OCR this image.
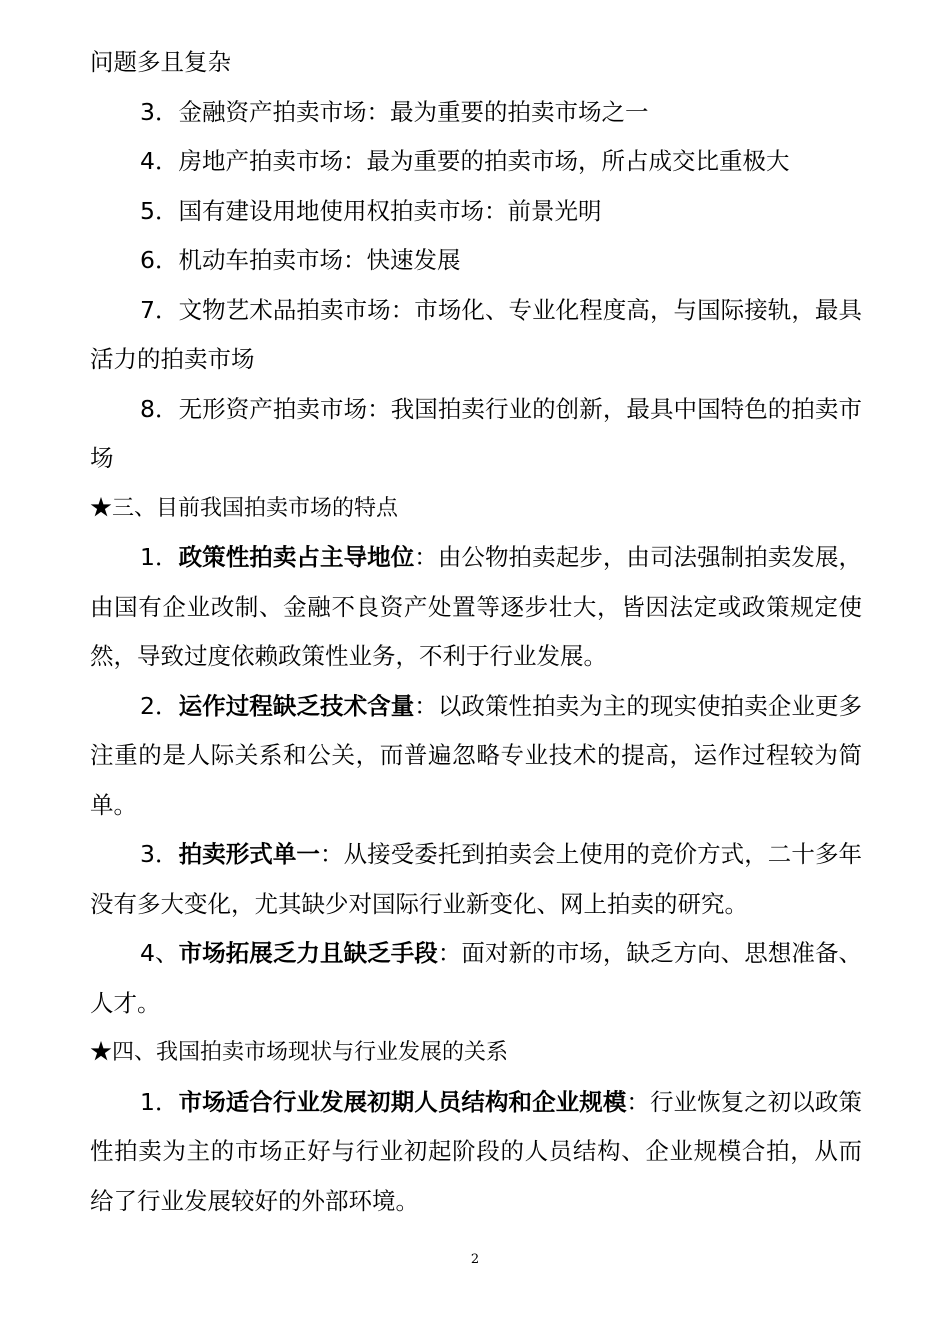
问题多且复杂

3．金融资产拍卖市场：最为重要的拍卖市场之一

4．房地产拍卖市场：最为重要的拍卖市场，所占成交比重极大

5．国有建设用地使用权拍卖市场：前景光明

6．机动车拍卖市场：快速发展

7．文物艺术品拍卖市场：市场化、专业化程度高，与国际接轨，最具活力的拍卖市场

8．无形资产拍卖市场：我国拍卖行业的创新，最具中国特色的拍卖市场

★三、目前我国拍卖市场的特点

1．政策性拍卖占主导地位：由公物拍卖起步，由司法强制拍卖发展，由国有企业改制、金融不良资产处置等逐步壮大，皆因法定或政策规定使然，导致过度依赖政策性业务，不利于行业发展。

2．运作过程缺乏技术含量：以政策性拍卖为主的现实使拍卖企业更多注重的是人际关系和公关，而普遍忽略专业技术的提高，运作过程较为简单。

3．拍卖形式单一：从接受委托到拍卖会上使用的竞价方式，二十多年没有多大变化，尤其缺少对国际行业新变化、网上拍卖的研究。

4、市场拓展乏力且缺乏手段：面对新的市场，缺乏方向、思想准备、人才。

★四、我国拍卖市场现状与行业发展的关系

1．市场适合行业发展初期人员结构和企业规模：行业恢复之初以政策性拍卖为主的市场正好与行业初起阶段的人员结构、企业规模合拍，从而给了行业发展较好的外部环境。

2
